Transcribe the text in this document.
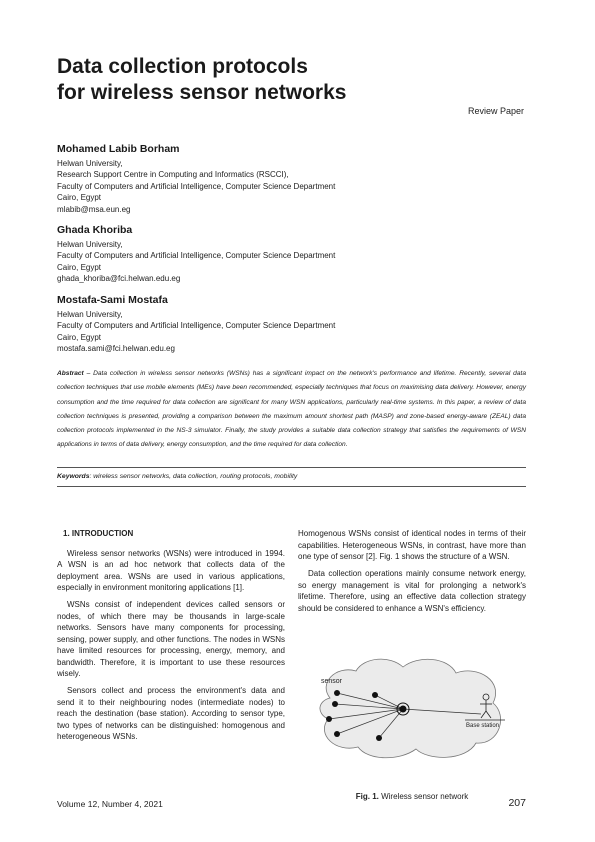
Data collection protocols
for wireless sensor networks
Review Paper
Mohamed Labib Borham
Helwan University,
Research Support Centre in Computing and Informatics (RSCCI),
Faculty of Computers and Artificial Intelligence, Computer Science Department
Cairo, Egypt
mlabib@msa.eun.eg
Ghada Khoriba
Helwan University,
Faculty of Computers and Artificial Intelligence, Computer Science Department
Cairo, Egypt
ghada_khoriba@fci.helwan.edu.eg
Mostafa-Sami Mostafa
Helwan University,
Faculty of Computers and Artificial Intelligence, Computer Science Department
Cairo, Egypt
mostafa.sami@fci.helwan.edu.eg
Abstract – Data collection in wireless sensor networks (WSNs) has a significant impact on the network's performance and lifetime. Recently, several data collection techniques that use mobile elements (MEs) have been recommended, especially techniques that focus on maximising data delivery. However, energy consumption and the time required for data collection are significant for many WSN applications, particularly real-time systems. In this paper, a review of data collection techniques is presented, providing a comparison between the maximum amount shortest path (MASP) and zone-based energy-aware (ZEAL) data collection protocols implemented in the NS-3 simulator. Finally, the study provides a suitable data collection strategy that satisfies the requirements of WSN applications in terms of data delivery, energy consumption, and the time required for data collection.
Keywords: wireless sensor networks, data collection, routing protocols, mobility
1. INTRODUCTION

Wireless sensor networks (WSNs) were introduced in 1994. A WSN is an ad hoc network that collects data of the deployment area. WSNs are used in various applications, especially in environment monitoring applications [1].

WSNs consist of independent devices called sensors or nodes, of which there may be thousands in large-scale networks. Sensors have many components for processing, sensing, power supply, and other functions. The nodes in WSNs have limited resources for processing, energy, memory, and bandwidth. Therefore, it is important to use these resources wisely.

Sensors collect and process the environment's data and send it to their neighbouring nodes (intermediate nodes) to reach the destination (base station). According to sensor type, two types of networks can be distinguished: homogenous and heterogeneous WSNs.

Homogenous WSNs consist of identical nodes in terms of their capabilities. Heterogeneous WSNs, in contrast, have more than one type of sensor [2]. Fig. 1 shows the structure of a WSN.

Data collection operations mainly consume network energy, so energy management is vital for prolonging a network's lifetime. Therefore, using an effective data collection strategy should be considered to enhance a WSN's efficiency.

sensor
Base station
Fig. 1. Wireless sensor network
Volume 12, Number 4, 2021	207
